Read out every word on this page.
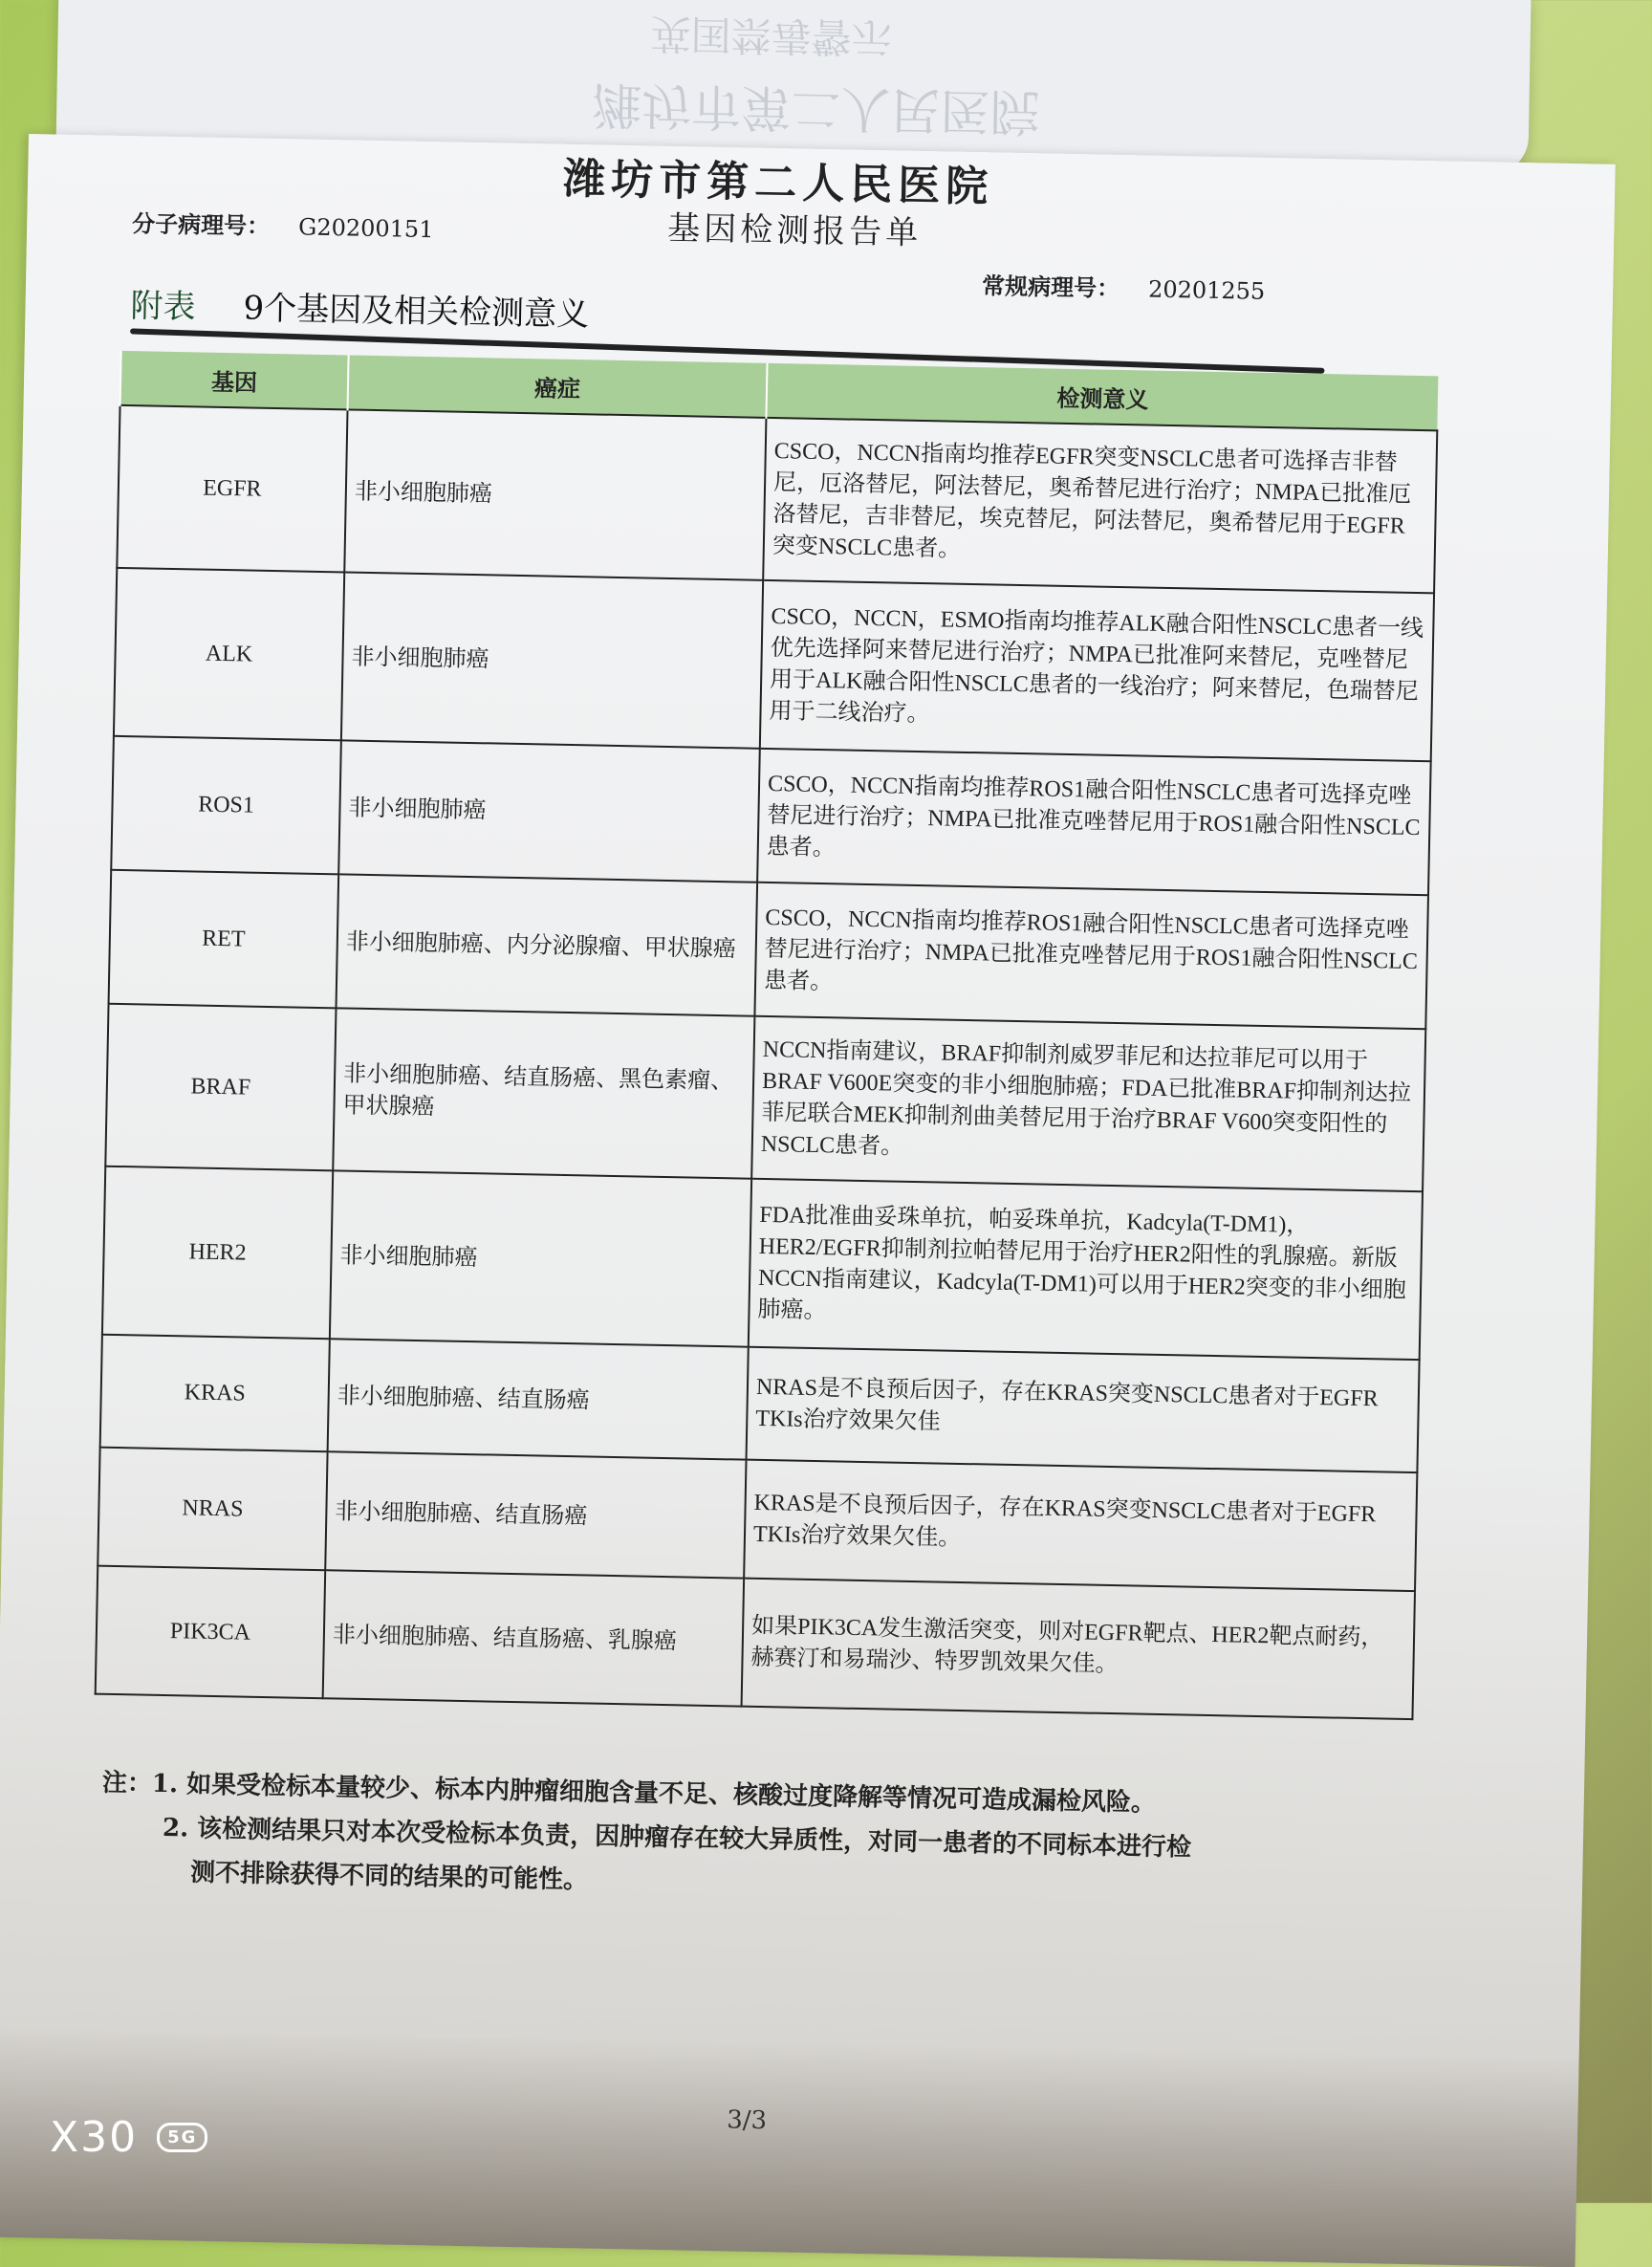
英国禁毒警示
潍坊市第二人民医院
潍坊市第二人民医院
基因检测报告单
分子病理号： G20200151
常规病理号： 20201255
附表 9个基因及相关检测意义
基因	癌症	检测意义
EGFR	非小细胞肺癌	CSCO，NCCN指南均推荐EGFR突变NSCLC患者可选择吉非替尼，厄洛替尼，阿法替尼，奥希替尼进行治疗；NMPA已批准厄洛替尼，吉非替尼，埃克替尼，阿法替尼，奥希替尼用于EGFR突变NSCLC患者。
ALK	非小细胞肺癌	CSCO，NCCN，ESMO指南均推荐ALK融合阳性NSCLC患者一线优先选择阿来替尼进行治疗；NMPA已批准阿来替尼，克唑替尼用于ALK融合阳性NSCLC患者的一线治疗；阿来替尼，色瑞替尼用于二线治疗。
ROS1	非小细胞肺癌	CSCO，NCCN指南均推荐ROS1融合阳性NSCLC患者可选择克唑替尼进行治疗；NMPA已批准克唑替尼用于ROS1融合阳性NSCLC患者。
RET	非小细胞肺癌、内分泌腺瘤、甲状腺癌	CSCO，NCCN指南均推荐ROS1融合阳性NSCLC患者可选择克唑替尼进行治疗；NMPA已批准克唑替尼用于ROS1融合阳性NSCLC患者。
BRAF	非小细胞肺癌、结直肠癌、黑色素瘤、甲状腺癌	NCCN指南建议，BRAF抑制剂威罗菲尼和达拉菲尼可以用于BRAF V600E突变的非小细胞肺癌；FDA已批准BRAF抑制剂达拉菲尼联合MEK抑制剂曲美替尼用于治疗BRAF V600突变阳性的NSCLC患者。
HER2	非小细胞肺癌	FDA批准曲妥珠单抗，帕妥珠单抗，Kadcyla(T-DM1)，HER2/EGFR抑制剂拉帕替尼用于治疗HER2阳性的乳腺癌。新版NCCN指南建议，Kadcyla(T-DM1)可以用于HER2突变的非小细胞肺癌。
KRAS	非小细胞肺癌、结直肠癌	NRAS是不良预后因子，存在KRAS突变NSCLC患者对于EGFR TKIs治疗效果欠佳
NRAS	非小细胞肺癌、结直肠癌	KRAS是不良预后因子，存在KRAS突变NSCLC患者对于EGFR TKIs治疗效果欠佳。
PIK3CA	非小细胞肺癌、结直肠癌、乳腺癌	如果PIK3CA发生激活突变，则对EGFR靶点、HER2靶点耐药，赫赛汀和易瑞沙、特罗凯效果欠佳。
注：1. 如果受检标本量较少、标本内肿瘤细胞含量不足、核酸过度降解等情况可造成漏检风险。
2. 该检测结果只对本次受检标本负责，因肿瘤存在较大异质性，对同一患者的不同标本进行检
测不排除获得不同的结果的可能性。
3/3
X30	5G
